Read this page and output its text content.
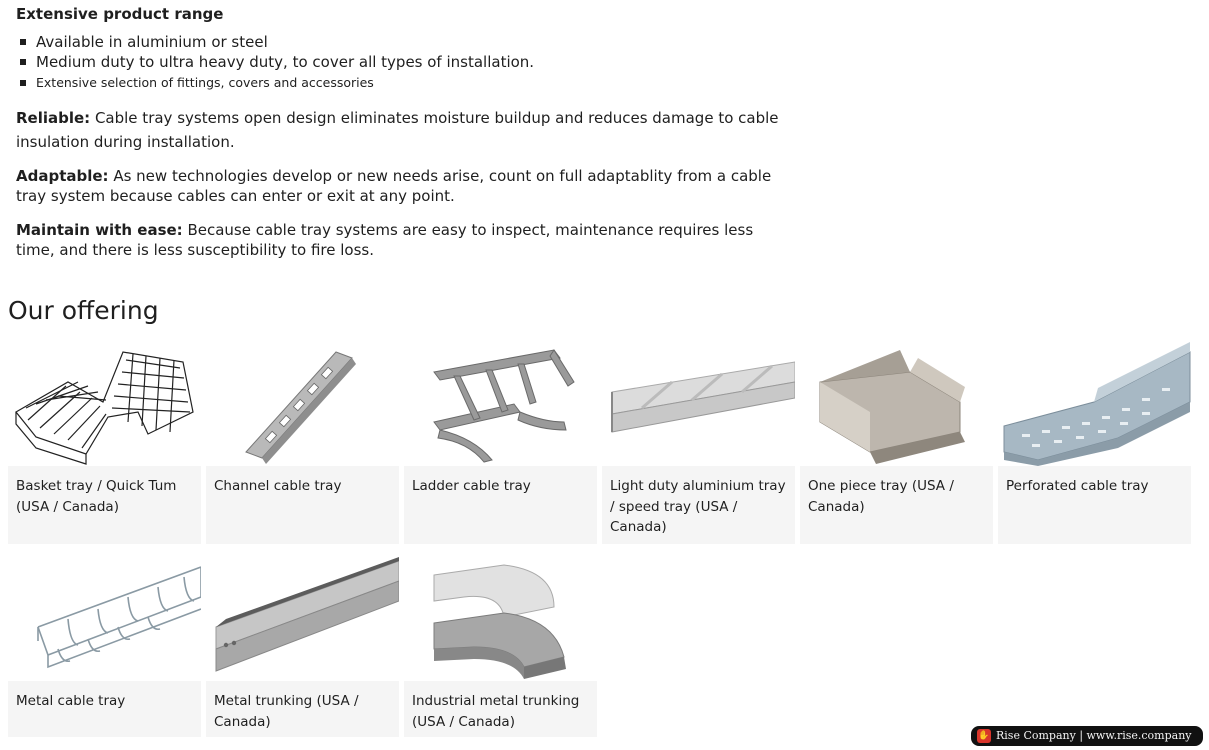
Extensive product range
Available in aluminium or steel
Medium duty to ultra heavy duty, to cover all types of installation.
Extensive selection of fittings, covers and accessories

Reliable: Cable tray systems open design eliminates moisture buildup and reduces damage to cable insulation during installation.

Adaptable: As new technologies develop or new needs arise, count on full adaptablity from a cable tray system because cables can enter or exit at any point.

Maintain with ease: Because cable tray systems are easy to inspect, maintenance requires less time, and there is less susceptibility to fire loss.

Our offering
Basket tray / Quick Tum (USA / Canada)
Channel cable tray	Ladder cable tray	Light duty aluminium tray / speed tray (USA / Canada)
One piece tray (USA / Canada)
Perforated cable tray
Metal cable tray	Metal trunking (USA / Canada)
Industrial metal trunking (USA / Canada)
✋ Rise Company | www.rise.company
